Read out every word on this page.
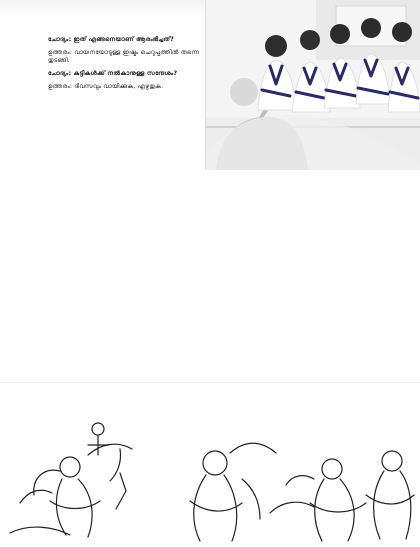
ചോദ്യം: ഇത് എങ്ങനെയാണ് ആരംഭിച്ചത്?

ഉത്തരം: വായനയോടുള്ള ഇഷ്ടം ചെറുപ്പത്തിൽ തന്നെ തുടങ്ങി.

ചോദ്യം: കുട്ടികൾക്ക് നൽകാനുള്ള സന്ദേശം?

ഉത്തരം: ദിവസവും വായിക്കുക, എഴുതുക.
